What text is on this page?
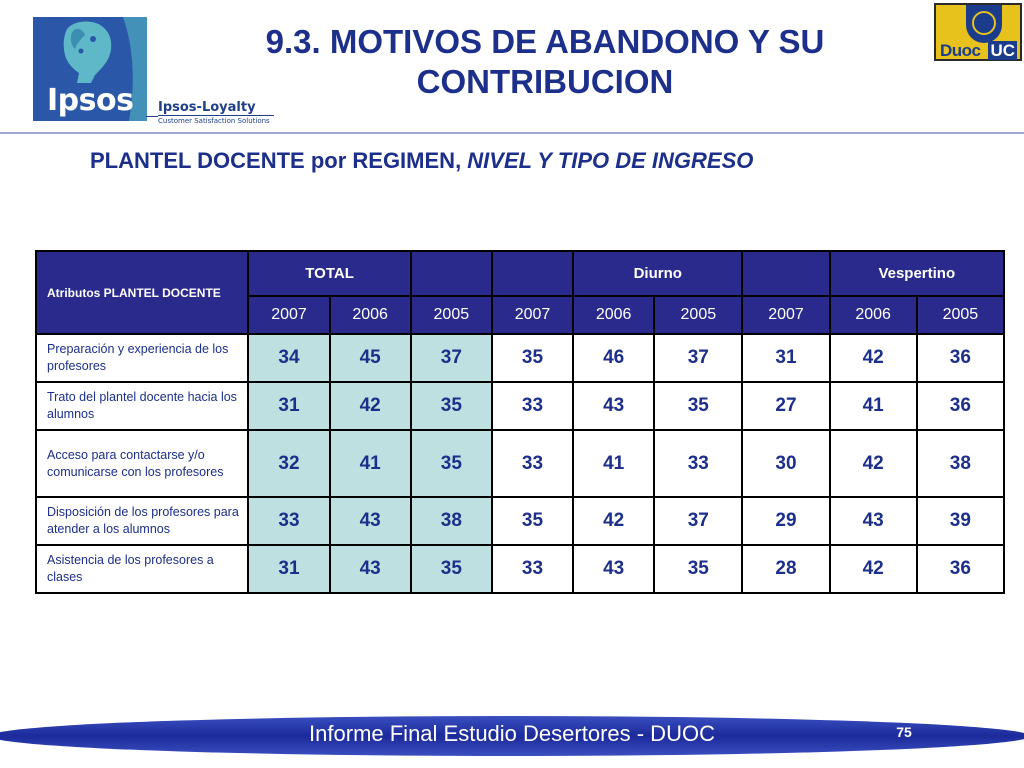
Ipsos Ipsos-Loyalty
Customer Satisfaction Solutions
Duoc UC
9.3. MOTIVOS DE ABANDONO Y SU
CONTRIBUCION
PLANTEL DOCENTE por REGIMEN, NIVEL Y TIPO DE INGRESO
Atributos PLANTEL DOCENTE	TOTAL				Diurno			Vespertino	
	2007	2006	2005	2007	2006	2005	2007	2006	2005
Preparación y experiencia de los profesores	34	45	37	35	46	37	31	42	36
Trato del plantel docente hacia los alumnos	31	42	35	33	43	35	27	41	36
Acceso para contactarse y/o comunicarse con los profesores	32	41	35	33	41	33	30	42	38
Disposición de los profesores para atender a los alumnos	33	43	38	35	42	37	29	43	39
Asistencia de los profesores a clases	31	43	35	33	43	35	28	42	36
Informe Final Estudio Desertores - DUOC	75
